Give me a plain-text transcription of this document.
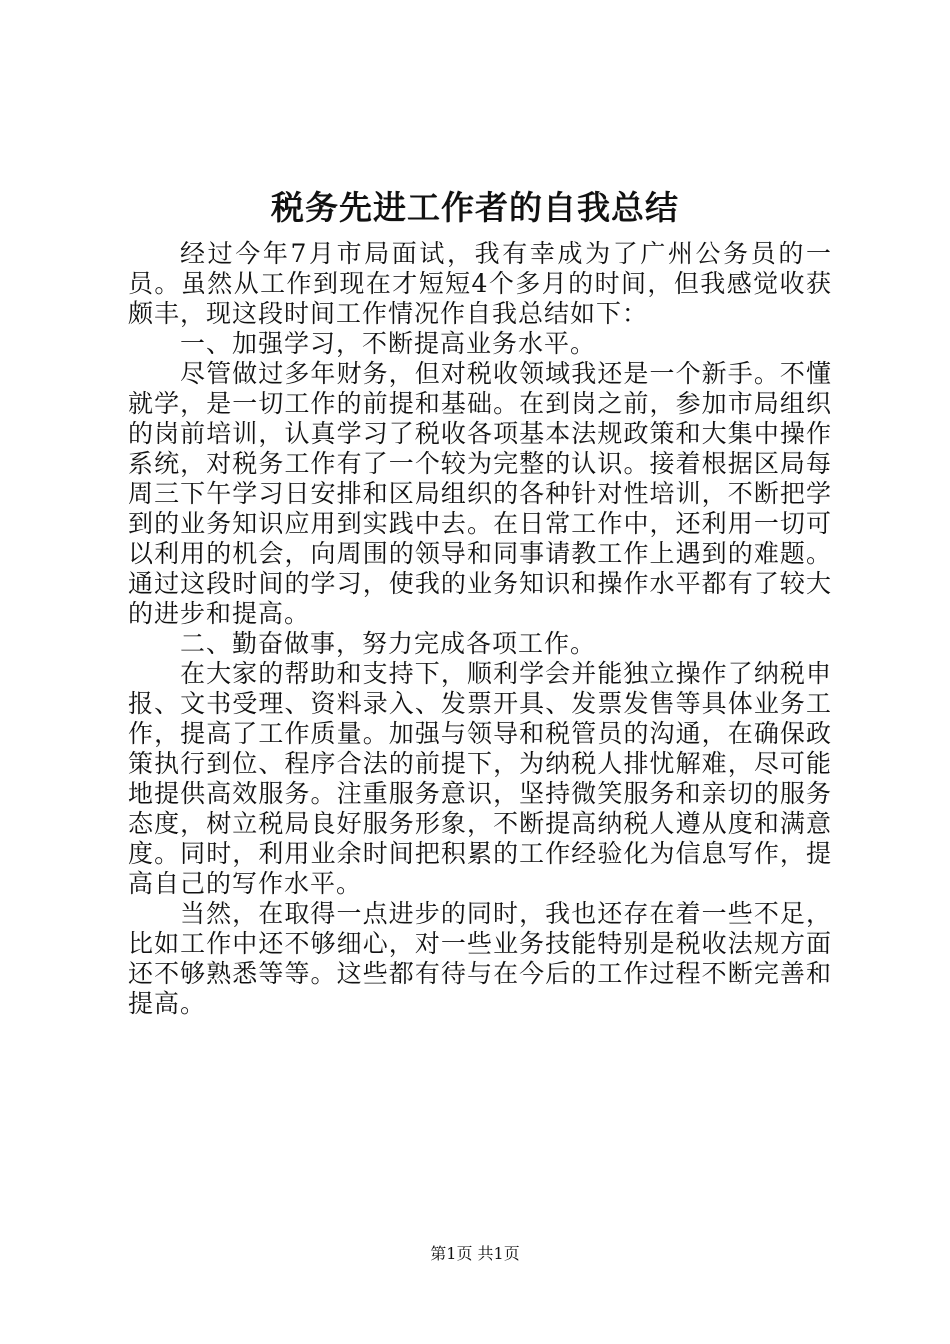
税务先进工作者的自我总结

经过今年7月市局面试，我有幸成为了广州公务员的一员。虽然从工作到现在才短短4个多月的时间，但我感觉收获颇丰，现这段时间工作情况作自我总结如下：

一、加强学习，不断提高业务水平。

尽管做过多年财务，但对税收领域我还是一个新手。不懂就学，是一切工作的前提和基础。在到岗之前，参加市局组织的岗前培训，认真学习了税收各项基本法规政策和大集中操作系统，对税务工作有了一个较为完整的认识。接着根据区局每周三下午学习日安排和区局组织的各种针对性培训，不断把学到的业务知识应用到实践中去。在日常工作中，还利用一切可以利用的机会，向周围的领导和同事请教工作上遇到的难题。通过这段时间的学习，使我的业务知识和操作水平都有了较大的进步和提高。

二、勤奋做事，努力完成各项工作。

在大家的帮助和支持下，顺利学会并能独立操作了纳税申报、文书受理、资料录入、发票开具、发票发售等具体业务工作，提高了工作质量。加强与领导和税管员的沟通，在确保政策执行到位、程序合法的前提下，为纳税人排忧解难，尽可能地提供高效服务。注重服务意识，坚持微笑服务和亲切的服务态度，树立税局良好服务形象，不断提高纳税人遵从度和满意度。同时，利用业余时间把积累的工作经验化为信息写作，提高自己的写作水平。

当然，在取得一点进步的同时，我也还存在着一些不足，比如工作中还不够细心，对一些业务技能特别是税收法规方面还不够熟悉等等。这些都有待与在今后的工作过程不断完善和提高。

第1页 共1页
